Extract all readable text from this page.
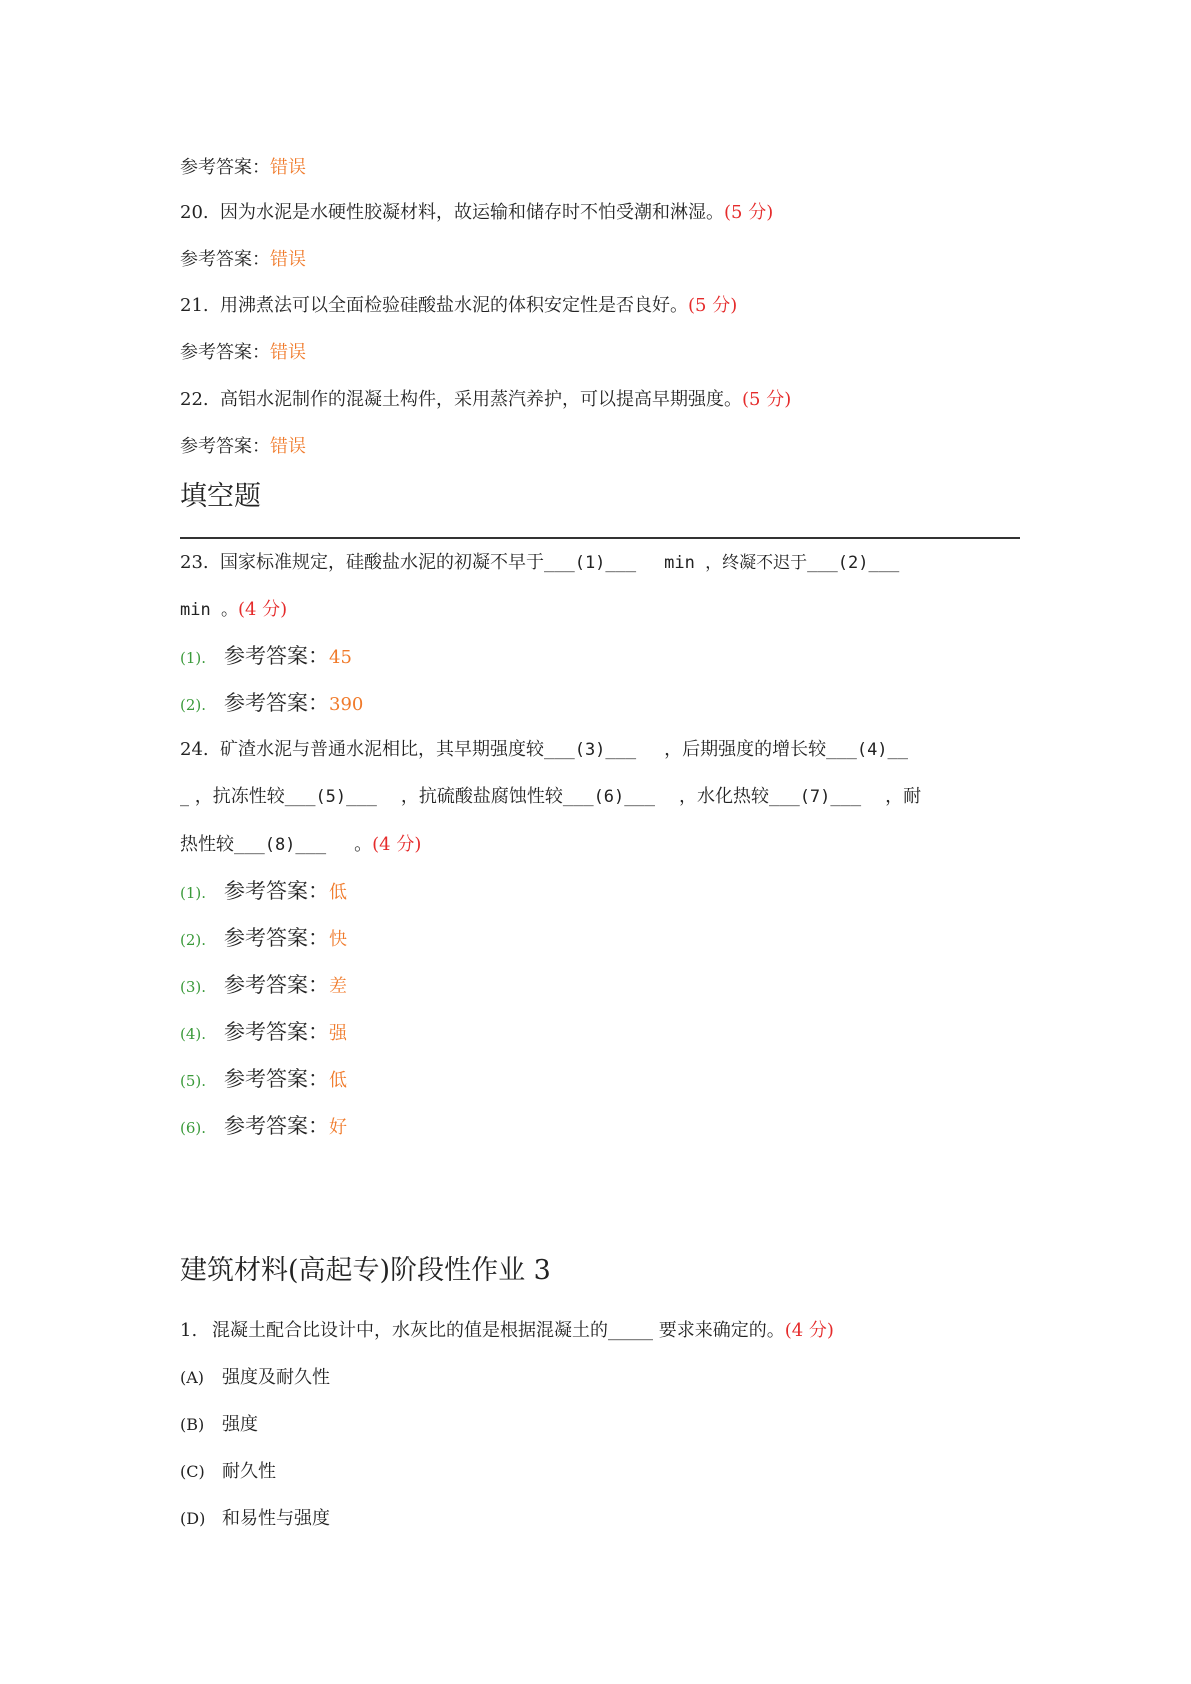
参考答案：错误
20. 因为水泥是水硬性胶凝材料，故运输和储存时不怕受潮和淋湿。(5 分)
参考答案：错误
21. 用沸煮法可以全面检验硅酸盐水泥的体积安定性是否良好。(5 分)
参考答案：错误
22. 高铝水泥制作的混凝土构件，采用蒸汽养护，可以提高早期强度。(5 分)
参考答案：错误
填空题
23. 国家标准规定，硅酸盐水泥的初凝不早于___(1)___ min ，终凝不迟于___(2)___
min 。(4 分)
(1). 参考答案：45
(2). 参考答案：390
24. 矿渣水泥与普通水泥相比，其早期强度较___(3)___ ，后期强度的增长较___(4)__
_ ，抗冻性较___(5)___ ，抗硫酸盐腐蚀性较___(6)___ ，水化热较___(7)___ ，耐
热性较___(8)___ 。(4 分)
(1). 参考答案：低
(2). 参考答案：快
(3). 参考答案：差
(4). 参考答案：强
(5). 参考答案：低
(6). 参考答案：好
建筑材料(高起专)阶段性作业 3
1. 混凝土配合比设计中，水灰比的值是根据混凝土的_____ 要求来确定的。(4 分)
(A) 强度及耐久性
(B) 强度
(C) 耐久性
(D) 和易性与强度
